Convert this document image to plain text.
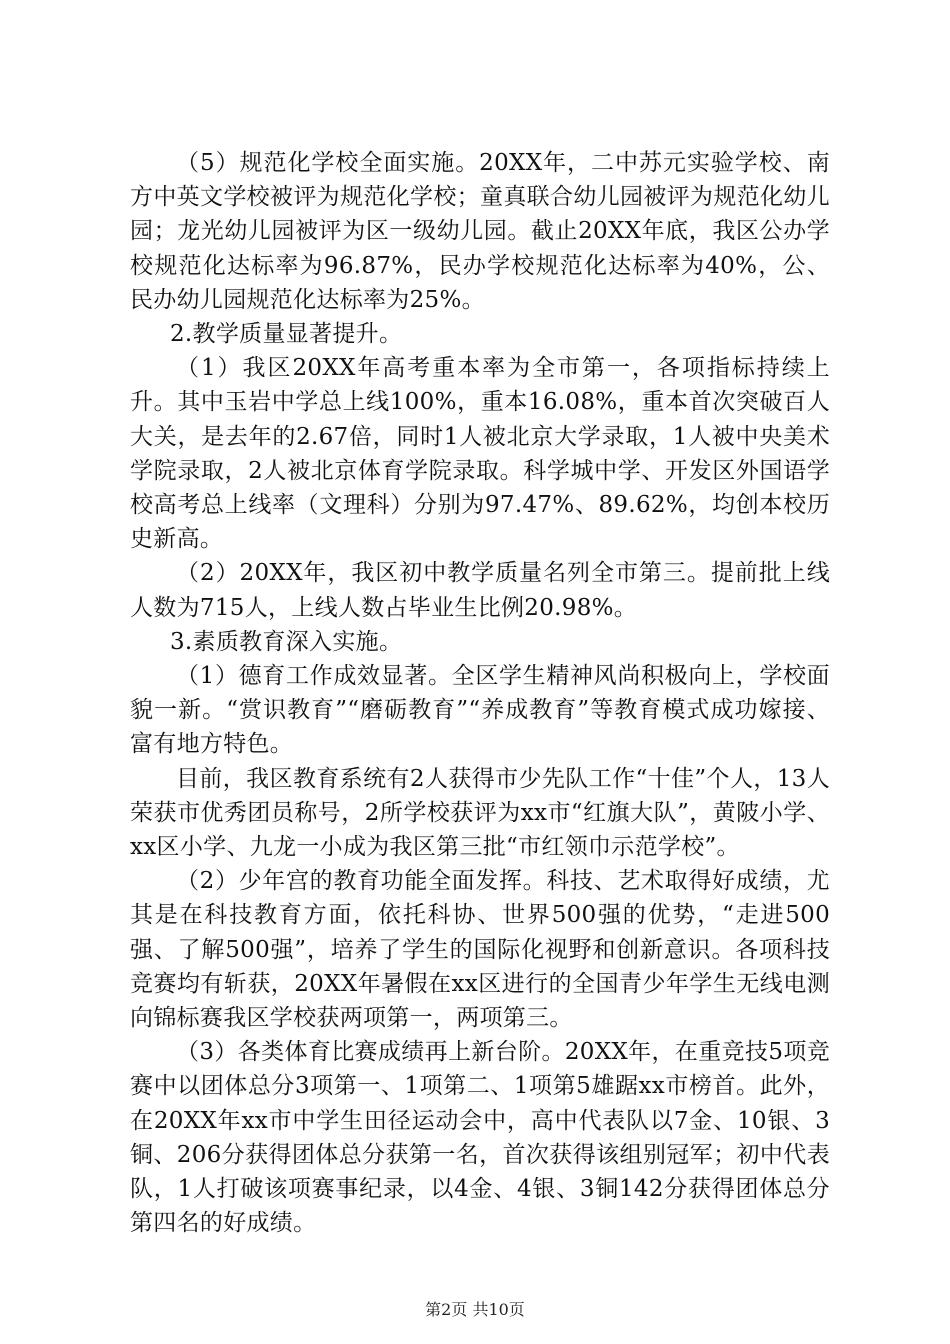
（5）规范化学校全面实施。20XX年，二中苏元实验学校、南方中英文学校被评为规范化学校；童真联合幼儿园被评为规范化幼儿园；龙光幼儿园被评为区一级幼儿园。截止20XX年底，我区公办学校规范化达标率为96.87%，民办学校规范化达标率为40%，公、民办幼儿园规范化达标率为25%。

2.教学质量显著提升。

（1）我区20XX年高考重本率为全市第一，各项指标持续上升。其中玉岩中学总上线100%，重本16.08%，重本首次突破百人大关，是去年的2.67倍，同时1人被北京大学录取，1人被中央美术学院录取，2人被北京体育学院录取。科学城中学、开发区外国语学校高考总上线率（文理科）分别为97.47%、89.62%，均创本校历史新高。

（2）20XX年，我区初中教学质量名列全市第三。提前批上线人数为715人，上线人数占毕业生比例20.98%。

3.素质教育深入实施。

（1）德育工作成效显著。全区学生精神风尚积极向上，学校面貌一新。“赏识教育”“磨砺教育”“养成教育”等教育模式成功嫁接、富有地方特色。

目前，我区教育系统有2人获得市少先队工作“十佳”个人，13人荣获市优秀团员称号，2所学校获评为xx市“红旗大队”，黄陂小学、xx区小学、九龙一小成为我区第三批“市红领巾示范学校”。

（2）少年宫的教育功能全面发挥。科技、艺术取得好成绩，尤其是在科技教育方面，依托科协、世界500强的优势，“走进500强、了解500强”，培养了学生的国际化视野和创新意识。各项科技竞赛均有斩获，20XX年暑假在xx区进行的全国青少年学生无线电测向锦标赛我区学校获两项第一，两项第三。

（3）各类体育比赛成绩再上新台阶。20XX年，在重竞技5项竞赛中以团体总分3项第一、1项第二、1项第5雄踞xx市榜首。此外，在20XX年xx市中学生田径运动会中，高中代表队以7金、10银、3铜、206分获得团体总分获第一名，首次获得该组别冠军；初中代表队，1人打破该项赛事纪录，以4金、4银、3铜142分获得团体总分第四名的好成绩。

第2页 共10页
